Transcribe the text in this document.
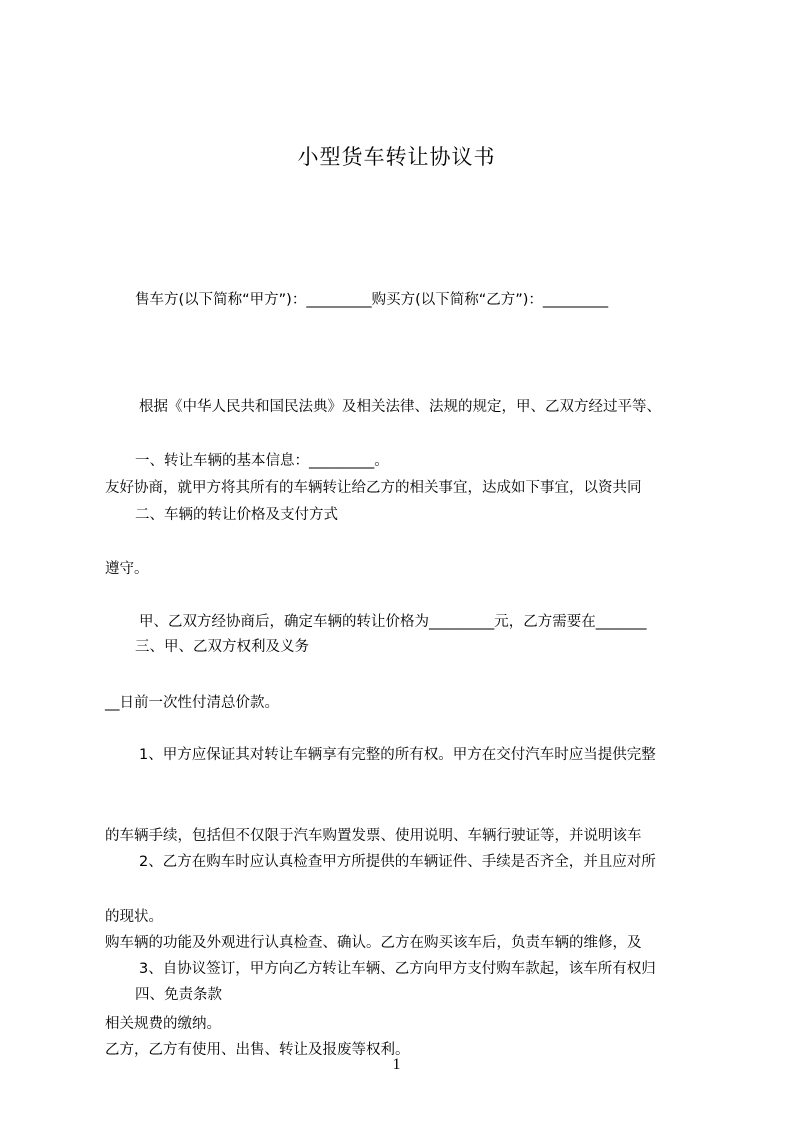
小型货车转让协议书
售车方(以下简称“甲方”)：_________购买方(以下简称“乙方”)：_________

根据《中华人民共和国民法典》及相关法律、法规的规定，甲、乙双方经过平等、

友好协商，就甲方将其所有的车辆转让给乙方的相关事宜，达成如下事宜，以资共同

遵守。

一、转让车辆的基本信息：_________。
二、车辆的转让价格及支付方式

甲、乙双方经协商后，确定车辆的转让价格为_________元，乙方需要在_______

__日前一次性付清总价款。

三、甲、乙双方权利及义务

1、甲方应保证其对转让车辆享有完整的所有权。甲方在交付汽车时应当提供完整

的车辆手续，包括但不仅限于汽车购置发票、使用说明、车辆行驶证等，并说明该车

的现状。

2、乙方在购车时应认真检查甲方所提供的车辆证件、手续是否齐全，并且应对所

购车辆的功能及外观进行认真检查、确认。乙方在购买该车后，负责车辆的维修，及

相关规费的缴纳。

3、自协议签订，甲方向乙方转让车辆、乙方向甲方支付购车款起，该车所有权归

乙方，乙方有使用、出售、转让及报废等权利。

四、免责条款
1
